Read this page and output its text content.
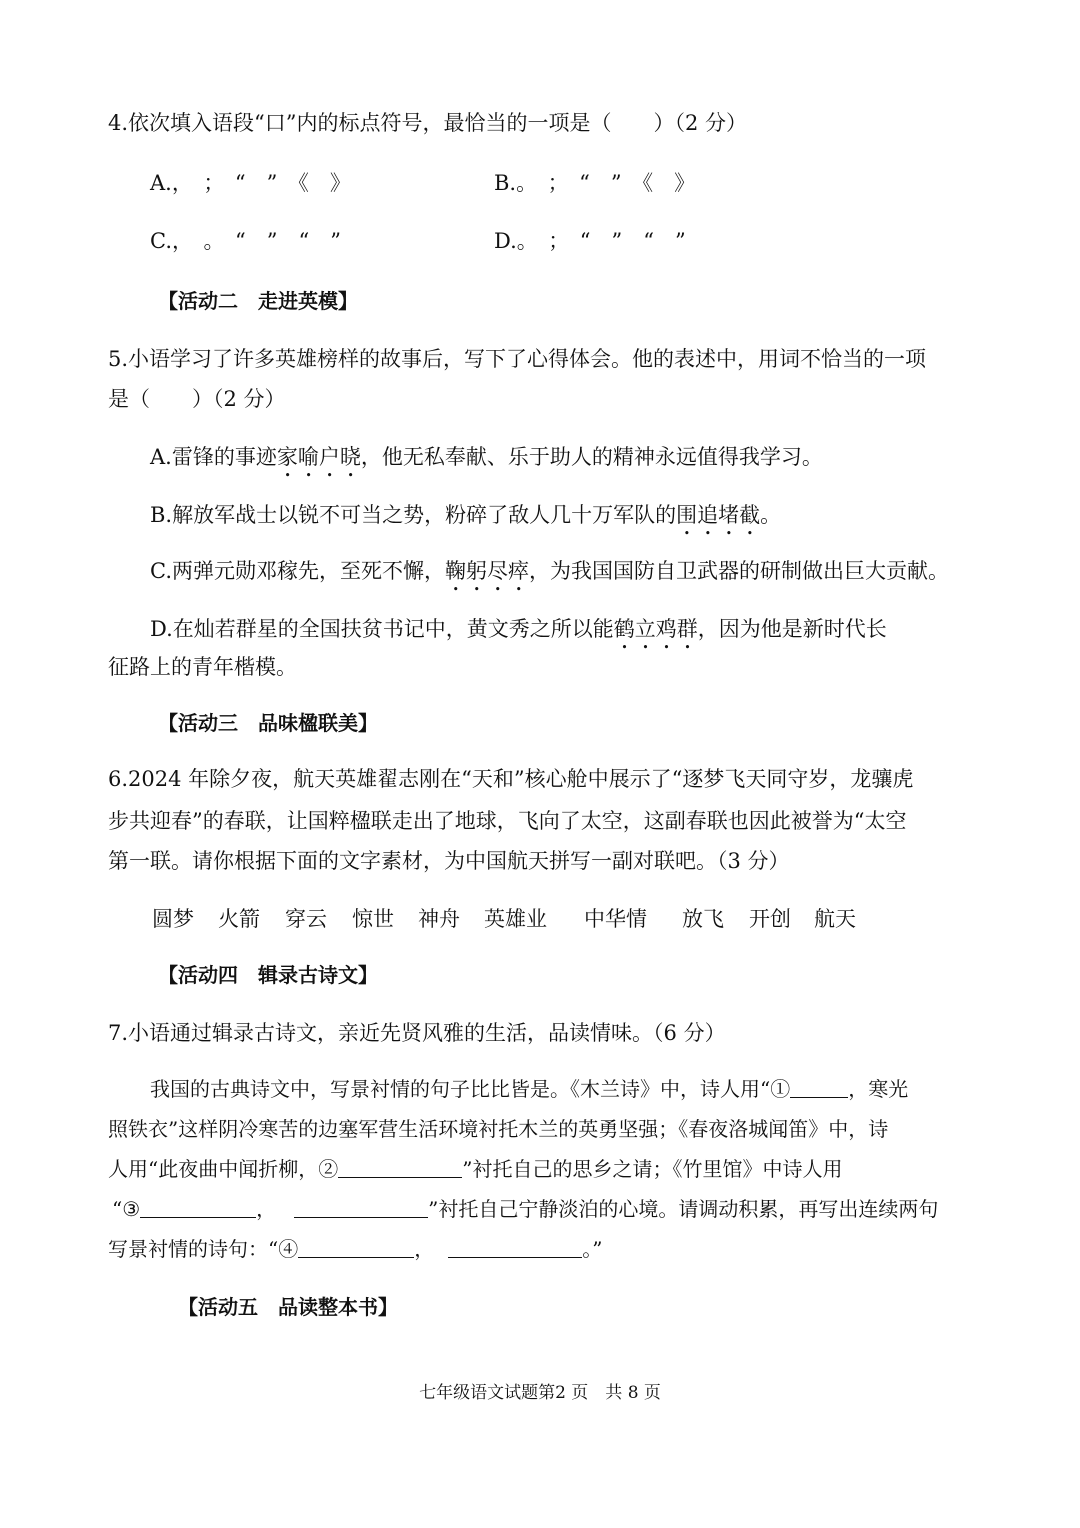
4.依次填入语段“口”内的标点符号，最恰当的一项是（　　）（2 分）
A.，　；　“　”　《　》	B.。　；　“　”　《　》
C.，　。　“　”　“　”	D.。　；　“　”　“　”
【活动二　走进英模】
5.小语学习了许多英雄榜样的故事后，写下了心得体会。他的表述中，用词不恰当的一项
是（　　）（2 分）
A.雷锋的事迹家喻户晓，他无私奉献、乐于助人的精神永远值得我学习。
B.解放军战士以锐不可当之势，粉碎了敌人几十万军队的围追堵截。
C.两弹元勋邓稼先，至死不懈，鞠躬尽瘁，为我国国防自卫武器的研制做出巨大贡献。
D.在灿若群星的全国扶贫书记中，黄文秀之所以能鹤立鸡群，因为他是新时代长
征路上的青年楷模。
【活动三　品味楹联美】
6.2024 年除夕夜，航天英雄翟志刚在“天和”核心舱中展示了“逐梦飞天同守岁，龙骧虎
步共迎春”的春联，让国粹楹联走出了地球，飞向了太空，这副春联也因此被誉为“太空
第一联。请你根据下面的文字素材，为中国航天拼写一副对联吧。（3 分）
圆梦 火箭 穿云 惊世 神舟 英雄业 中华情 放飞 开创 航天
【活动四　辑录古诗文】
7.小语通过辑录古诗文，亲近先贤风雅的生活，品读情味。（6 分）
我国的古典诗文中，写景衬情的句子比比皆是。《木兰诗》中，诗人用“①	，寒光
照铁衣”这样阴冷寒苦的边塞军营生活环境衬托木兰的英勇坚强；《春夜洛城闻笛》中，诗
人用“此夜曲中闻折柳，②	”衬托自己的思乡之请；《竹里馆》中诗人用
“③	，	”衬托自己宁静淡泊的心境。请调动积累，再写出连续两句
写景衬情的诗句：“④	，	。”
【活动五　品读整本书】
七年级语文试题第2 页　共 8 页
